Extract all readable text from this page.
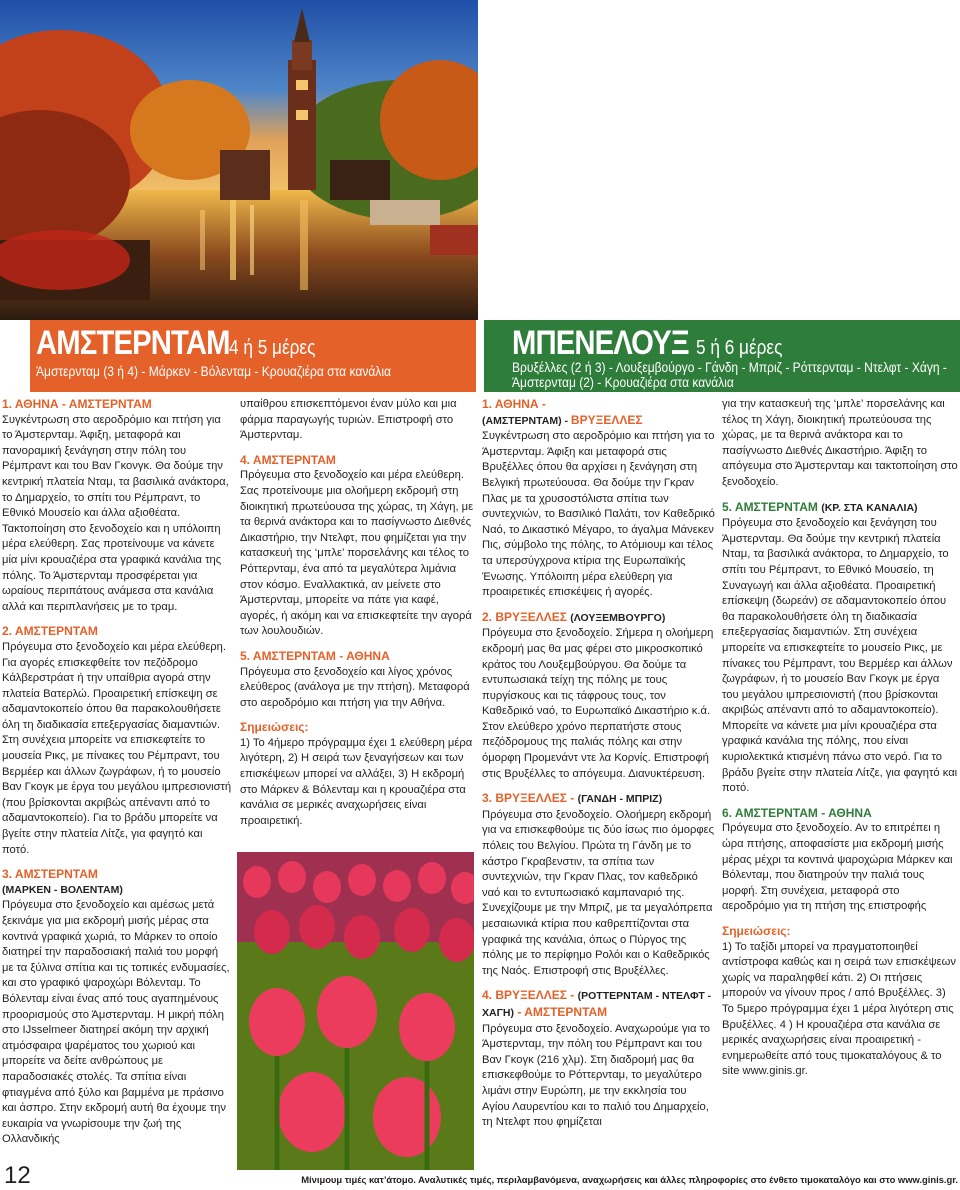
ΑΜΣΤΕΡΝΤΑΜ4 ή 5 μέρες
Άμστερνταμ (3 ή 4) - Μάρκεν - Βόλενταμ - Κρουαζιέρα στα κανάλια
ΜΠΕΝΕΛΟΥΞ 5 ή 6 μέρες
Βρυξέλλες (2 ή 3) - Λουξεμβούργο - Γάνδη - Μπριζ - Ρόττερνταμ - Ντελφτ - Χάγη -
Άμστερνταμ (2) - Κρουαζιέρα στα κανάλια

1. ΑΘΗΝΑ - ΑΜΣΤΕΡΝΤΑΜ

Συγκέντρωση στο αεροδρόμιο και πτήση για το Άμστερνταμ. Άφιξη, μεταφορά και πανοραμική ξενάγηση στην πόλη του Ρέμπραντ και του Βαν Γκονγκ. Θα δούμε την κεντρική πλατεία Νταμ, τα βασιλικά ανάκτορα, το Δημαρχείο, το σπίτι του Ρέμπραντ, το Εθνικό Μουσείο και άλλα αξιοθέατα. Τακτοποίηση στο ξενοδοχείο και η υπόλοιπη μέρα ελεύθερη. Σας προτείνουμε να κάνετε μία μίνι κρουαζιέρα στα γραφικά κανάλια της πόλης. Το Άμστερνταμ προσφέρεται για ωραίους περιπάτους ανάμεσα στα κανάλια αλλά και περιπλανήσεις με το τραμ.

2. ΑΜΣΤΕΡΝΤΑΜ

Πρόγευμα στο ξενοδοχείο και μέρα ελεύθερη. Για αγορές επισκεφθείτε τον πεζόδρομο Κάλβερστράατ ή την υπαίθρια αγορά στην πλατεία Βατερλώ. Προαιρετική επίσκεψη σε αδαμαντοκοπείο όπου θα παρακολουθήσετε όλη τη διαδικασία επεξεργασίας διαμαντιών. Στη συνέχεια μπορείτε να επισκεφτείτε το μουσεία Ρικς, με πίνακες του Ρέμπραντ, του Βερμέερ και άλλων ζωγράφων, ή το μουσείο Βαν Γκογκ με έργα του μεγάλου ιμπρεσιονιστή (που βρίσκονται ακριβώς απέναντι από το αδαμαντοκοπείο). Για το βράδυ μπορείτε να βγείτε στην πλατεία Λίτζε, για φαγητό και ποτό.

3. ΑΜΣΤΕΡΝΤΑΜ

(ΜΑΡΚΕΝ - ΒΟΛΕΝΤΑΜ)

Πρόγευμα στο ξενοδοχείο και αμέσως μετά ξεκινάμε για μια εκδρομή μισής μέρας στα κοντινά γραφικά χωριά, το Μάρκεν το οποίο διατηρεί την παραδοσιακή παλιά του μορφή με τα ξύλινα σπίτια και τις τοπικές ενδυμασίες, και στο γραφικό ψαροχώρι Βόλενταμ. Το Βόλενταμ είναι ένας από τους αγαπημένους προορισμούς στο Άμστερνταμ. Η μικρή πόλη στο IJsselmeer διατηρεί ακόμη την αρχική ατμόσφαιρα ψαρέματος του χωριού και μπορείτε να δείτε ανθρώπους με παραδοσιακές στολές. Τα σπίτια είναι φτιαγμένα από ξύλο και βαμμένα με πράσινο και άσπρο. Στην εκδρομή αυτή θα έχουμε την ευκαιρία να γνωρίσουμε την ζωή της Ολλανδικής

υπαίθρου επισκεπτόμενοι έναν μύλο και μια φάρμα παραγωγής τυριών. Επιστροφή στο Άμστερνταμ.

4. ΑΜΣΤΕΡΝΤΑΜ

Πρόγευμα στο ξενοδοχείο και μέρα ελεύθερη. Σας προτείνουμε μια ολοήμερη εκδρομή στη διοικητική πρωτεύουσα της χώρας, τη Χάγη, με τα θερινά ανάκτορα και το πασίγνωστο Διεθνές Δικαστήριο, την Ντελφτ, που φημίζεται για την κατασκευή της ‘μπλε’ πορσελάνης και τέλος το Ρόττερνταμ, ένα από τα μεγαλύτερα λιμάνια στον κόσμο. Εναλλακτικά, αν μείνετε στο Άμστερνταμ, μπορείτε να πάτε για καφέ, αγορές, ή ακόμη και να επισκεφτείτε την αγορά των λουλουδιών.

5. ΑΜΣΤΕΡΝΤΑΜ - ΑΘΗΝΑ

Πρόγευμα στο ξενοδοχείο και λίγος χρόνος ελεύθερος (ανάλογα με την πτήση). Μεταφορά στο αεροδρόμιο και πτήση για την Αθήνα.

Σημειώσεις:

1) Το 4ήμερο πρόγραμμα έχει 1 ελεύθερη μέρα λιγότερη, 2) Η σειρά των ξεναγήσεων και των επισκέψεων μπορεί να αλλάξει, 3) Η εκδρομή στο Μάρκεν & Βόλενταμ και η κρουαζιέρα στα κανάλια σε μερικές αναχωρήσεις είναι προαιρετική.

1. ΑΘΗΝΑ -

(ΑΜΣΤΕΡΝΤΑΜ) - ΒΡΥΞΕΛΛΕΣ

Συγκέντρωση στο αεροδρόμιο και πτήση για το Άμστερνταμ. Άφιξη και μεταφορά στις Βρυξέλλες όπου θα αρχίσει η ξενάγηση στη Βελγική πρωτεύουσα. Θα δούμε την Γκραν Πλας με τα χρυσοστόλιστα σπίτια των συντεχνιών, το Βασιλικό Παλάτι, τον Καθεδρικό Ναό, το Δικαστικό Μέγαρο, το άγαλμα Μάνεκεν Πις, σύμβολο της πόλης, το Ατόμιουμ και τέλος τα υπερσύγχρονα κτίρια της Ευρωπαϊκής Ένωσης. Υπόλοιπη μέρα ελεύθερη για προαιρετικές επισκέψεις ή αγορές.

2. ΒΡΥΞΕΛΛΕΣ (ΛΟΥΞΕΜΒΟΥΡΓΟ)

Πρόγευμα στο ξενοδοχείο. Σήμερα η ολοήμερη εκδρομή μας θα μας φέρει στο μικροσκοπικό κράτος του Λουξεμβούργου. Θα δούμε τα εντυπωσιακά τείχη της πόλης με τους πυργίσκους και τις τάφρους τους, τον Καθεδρικό ναό, το Ευρωπαϊκό Δικαστήριο κ.ά. Στον ελεύθερο χρόνο περπατήστε στους πεζόδρομους της παλιάς πόλης και στην όμορφη Προμενάντ ντε λα Κορνίς. Επιστροφή στις Βρυξέλλες το απόγευμα. Διανυκτέρευση.

3. ΒΡΥΞΕΛΛΕΣ - (ΓΑΝΔΗ - ΜΠΡΙΖ)

Πρόγευμα στο ξενοδοχείο. Ολοήμερη εκδρομή για να επισκεφθούμε τις δύο ίσως πιο όμορφες πόλεις του Βελγίου. Πρώτα τη Γάνδη με το κάστρο Γκραβενστιν, τα σπίτια των συντεχνιών, την Γκραν Πλας, τον καθεδρικό ναό και το εντυπωσιακό καμπαναριό της. Συνεχίζουμε με την Μπριζ, με τα μεγαλόπρεπα μεσαιωνικά κτίρια που καθρεπτίζονται στα γραφικά της κανάλια, όπως ο Πύργος της πόλης με το περίφημο Ρολόι και ο Καθεδρικός της Ναός. Επιστροφή στις Βρυξέλλες.

4. ΒΡΥΞΕΛΛΕΣ - (ΡΟΤΤΕΡΝΤΑΜ - ΝΤΕΛΦΤ - ΧΑΓΗ) - ΑΜΣΤΕΡΝΤΑΜ

Πρόγευμα στο ξενοδοχείο. Αναχωρούμε για το Άμστερνταμ, την πόλη του Ρέμπραντ και του Βαν Γκογκ (216 χλμ). Στη διαδρομή μας θα επισκεφθούμε το Ρόττερνταμ, το μεγαλύτερο λιμάνι στην Ευρώπη, με την εκκλησία του Αγίου Λαυρεντίου και το παλιό του Δημαρχείο, τη Ντελφτ που φημίζεται

για την κατασκευή της ‘μπλε’ πορσελάνης και τέλος τη Χάγη, διοικητική πρωτεύουσα της χώρας, με τα θερινά ανάκτορα και το πασίγνωστο Διεθνές Δικαστήριο. Άφιξη το απόγευμα στο Άμστερνταμ και τακτοποίηση στο ξενοδοχείο.

5. ΑΜΣΤΕΡΝΤΑΜ (ΚΡ. ΣΤΑ ΚΑΝΑΛΙΑ)

Πρόγευμα στο ξενοδοχείο και ξενάγηση του Άμστερνταμ. Θα δούμε την κεντρική πλατεία Νταμ, τα βασιλικά ανάκτορα, το Δημαρχείο, το σπίτι του Ρέμπραντ, το Εθνικό Μουσείο, τη Συναγωγή και άλλα αξιοθέατα. Προαιρετική επίσκεψη (δωρεάν) σε αδαμαντοκοπείο όπου θα παρακολουθήσετε όλη τη διαδικασία επεξεργασίας διαμαντιών. Στη συνέχεια μπορείτε να επισκεφτείτε το μουσείο Ρικς, με πίνακες του Ρέμπραντ, του Βερμέερ και άλλων ζωγράφων, ή το μουσείο Βαν Γκογκ με έργα του μεγάλου ιμπρεσιονιστή (που βρίσκονται ακριβώς απέναντι από το αδαμαντοκοπείο). Μπορείτε να κάνετε μια μίνι κρουαζιέρα στα γραφικά κανάλια της πόλης, που είναι κυριολεκτικά κτισμένη πάνω στο νερό. Για το βράδυ βγείτε στην πλατεία Λίτζε, για φαγητό και ποτό.

6. ΑΜΣΤΕΡΝΤΑΜ - ΑΘΗΝΑ

Πρόγευμα στο ξενοδοχείο. Αν το επιτρέπει η ώρα πτήσης, αποφασίστε μια εκδρομή μισής μέρας μέχρι τα κοντινά ψαροχώρια Μάρκεν και Βόλενταμ, που διατηρούν την παλιά τους μορφή. Στη συνέχεια, μεταφορά στο αεροδρόμιο για τη πτήση της επιστροφής

Σημειώσεις:

1) Το ταξίδι μπορεί να πραγματοποιηθεί αντίστροφα καθώς και η σειρά των επισκέψεων χωρίς να παραληφθεί κάτι. 2) Οι πτήσεις μπορούν να γίνουν προς / από Βρυξέλλες. 3) Το 5μερο πρόγραμμα έχει 1 μέρα λιγότερη στις Βρυξέλλες. 4 ) Η κρουαζιέρα στα κανάλια σε μερικές αναχωρήσεις είναι προαιρετική - ενημερωθείτε από τους τιμοκαταλόγους & το site www.ginis.gr.

12	Μίνιμουμ τιμές κατ’άτομο. Αναλυτικές τιμές, περιλαμβανόμενα, αναχωρήσεις και άλλες πληροφορίες στο ένθετο τιμοκαταλόγο και στο www.ginis.gr.
